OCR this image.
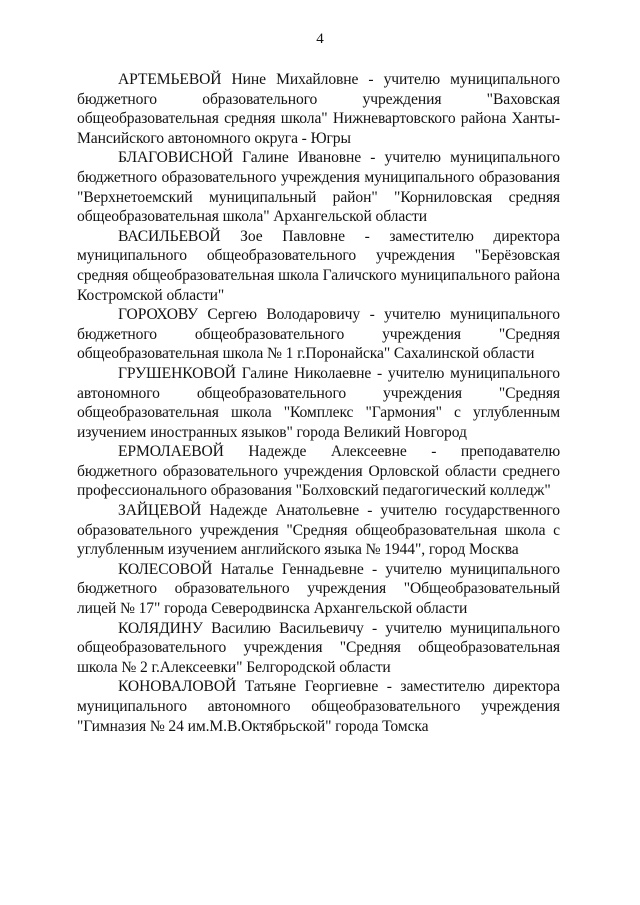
4

АРТЕМЬЕВОЙ Нине Михайловне - учителю муниципального бюджетного образовательного учреждения "Ваховская общеобразовательная средняя школа" Нижневартовского района Ханты-Мансийского автономного округа - Югры

БЛАГОВИСНОЙ Галине Ивановне - учителю муниципального бюджетного образовательного учреждения муниципального образования "Верхнетоемский муниципальный район" "Корниловская средняя общеобразовательная школа" Архангельской области

ВАСИЛЬЕВОЙ Зое Павловне - заместителю директора муниципального общеобразовательного учреждения "Берёзовская средняя общеобразовательная школа Галичского муниципального района Костромской области"

ГОРОХОВУ Сергею Володаровичу - учителю муниципального бюджетного общеобразовательного учреждения "Средняя общеобразовательная школа № 1 г.Поронайска" Сахалинской области

ГРУШЕНКОВОЙ Галине Николаевне - учителю муниципального автономного общеобразовательного учреждения "Средняя общеобразовательная школа "Комплекс "Гармония" с углубленным изучением иностранных языков" города Великий Новгород

ЕРМОЛАЕВОЙ Надежде Алексеевне - преподавателю бюджетного образовательного учреждения Орловской области среднего профессионального образования "Болховский педагогический колледж"

ЗАЙЦЕВОЙ Надежде Анатольевне - учителю государственного образовательного учреждения "Средняя общеобразовательная школа с углубленным изучением английского языка № 1944", город Москва

КОЛЕСОВОЙ Наталье Геннадьевне - учителю муниципального бюджетного образовательного учреждения "Общеобразовательный лицей № 17" города Северодвинска Архангельской области

КОЛЯДИНУ Василию Васильевичу - учителю муниципального общеобразовательного учреждения "Средняя общеобразовательная школа № 2 г.Алексеевки" Белгородской области

КОНОВАЛОВОЙ Татьяне Георгиевне - заместителю директора муниципального автономного общеобразовательного учреждения "Гимназия № 24 им.М.В.Октябрьской" города Томска
